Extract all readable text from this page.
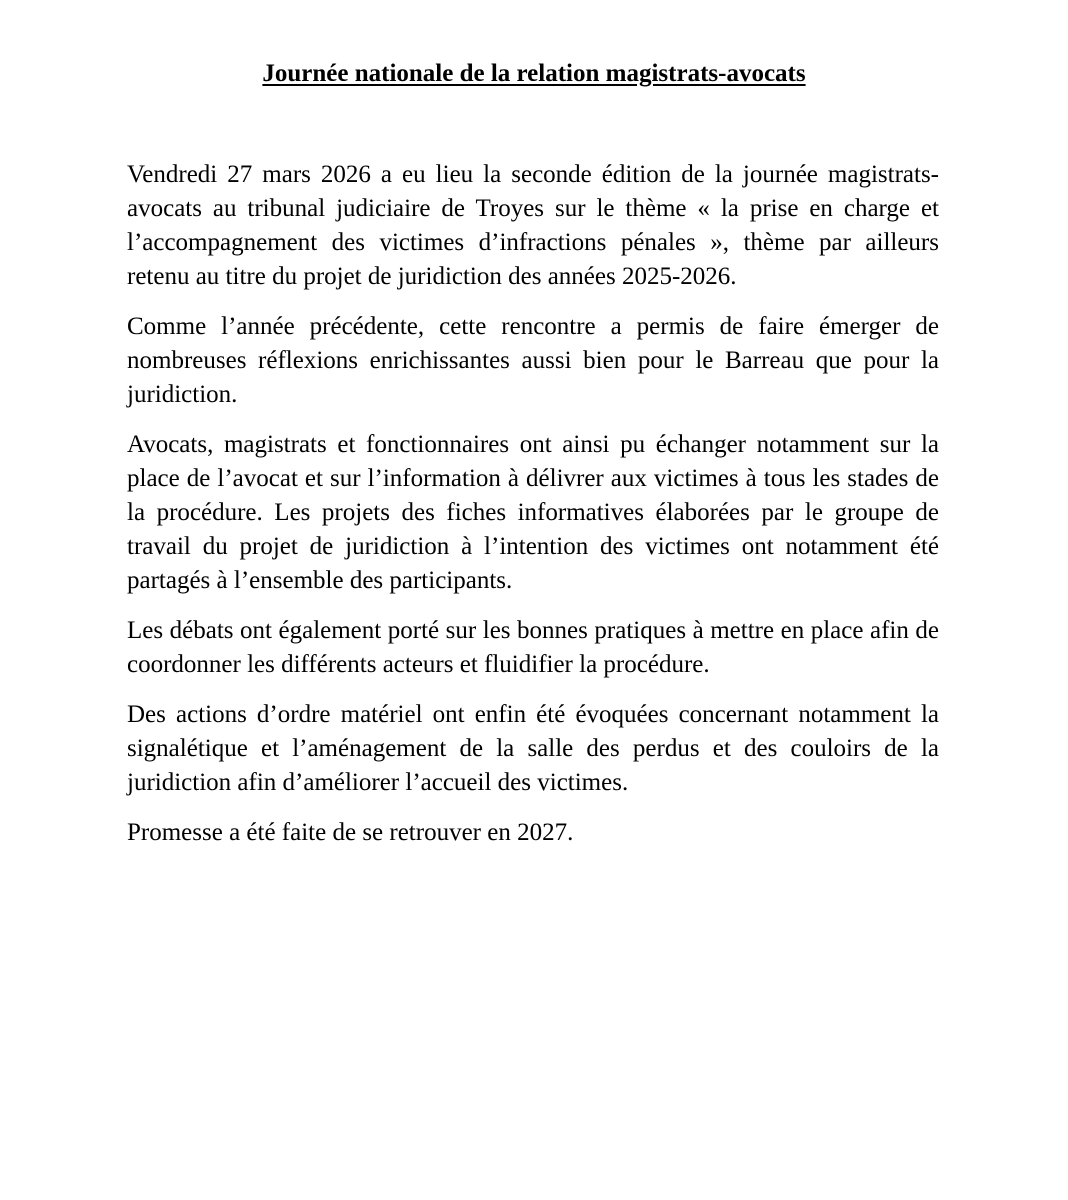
Journée nationale de la relation magistrats-avocats

Vendredi 27 mars 2026 a eu lieu la seconde édition de la journée magistrats-avocats au tribunal judiciaire de Troyes sur le thème « la prise en charge et l’accompagnement des victimes d’infractions pénales », thème par ailleurs retenu au titre du projet de juridiction des années 2025-2026.

Comme l’année précédente, cette rencontre a permis de faire émerger de nombreuses réflexions enrichissantes aussi bien pour le Barreau que pour la juridiction.

Avocats, magistrats et fonctionnaires ont ainsi pu échanger notamment sur la place de l’avocat et sur l’information à délivrer aux victimes à tous les stades de la procédure. Les projets des fiches informatives élaborées par le groupe de travail du projet de juridiction à l’intention des victimes ont notamment été partagés à l’ensemble des participants.

Les débats ont également porté sur les bonnes pratiques à mettre en place afin de coordonner les différents acteurs et fluidifier la procédure.

Des actions d’ordre matériel ont enfin été évoquées concernant notamment la signalétique et l’aménagement de la salle des perdus et des couloirs de la juridiction afin d’améliorer l’accueil des victimes.

Promesse a été faite de se retrouver en 2027.
